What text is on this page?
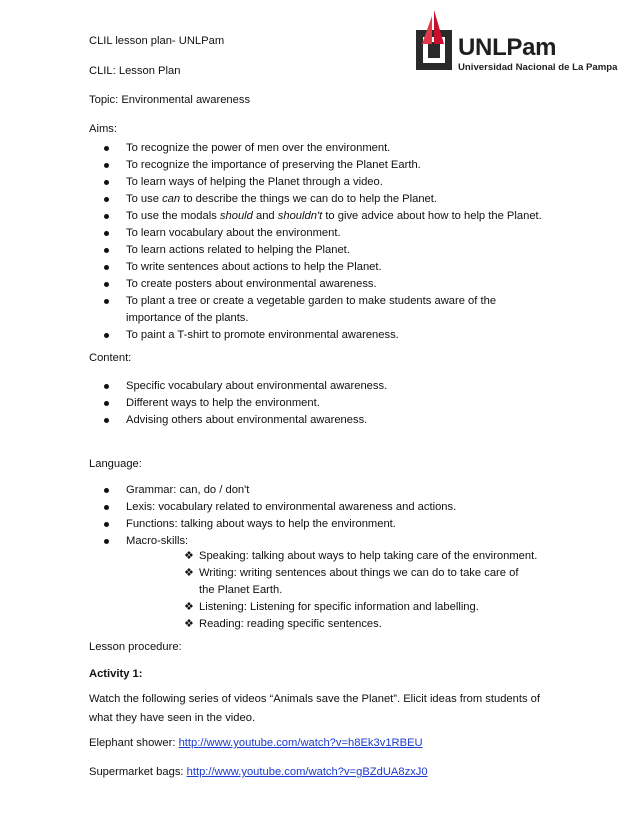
UNLPam
Universidad Nacional de La Pampa
CLIL lesson plan- UNLPam
CLIL: Lesson Plan
Topic: Environmental awareness
Aims:
To recognize the power of men over the environment.
To recognize the importance of preserving the Planet Earth.
To learn ways of helping the Planet through a video.
To use can to describe the things we can do to help the Planet.
To use the modals should and shouldn't to give advice about how to help the Planet.
To learn vocabulary about the environment.
To learn actions related to helping the Planet.
To write sentences about actions to help the Planet.
To create posters about environmental awareness.
To plant a tree or create a vegetable garden to make students aware of the importance of the plants.
To paint a T-shirt to promote environmental awareness.
Content:
Specific vocabulary about environmental awareness.
Different ways to help the environment.
Advising others about environmental awareness.
Language:
Grammar: can, do / don't
Lexis: vocabulary related to environmental awareness and actions.
Functions: talking about ways to help the environment.
Macro-skills:
❖ Speaking: talking about ways to help taking care of the environment.
❖ Writing: writing sentences about things we can do to take care of the Planet Earth.
❖ Listening: Listening for specific information and labelling.
❖ Reading: reading specific sentences.
Lesson procedure:
Activity 1:
Watch the following series of videos “Animals save the Planet”. Elicit ideas from students of what they have seen in the video.
Elephant shower: http://www.youtube.com/watch?v=h8Ek3v1RBEU
Supermarket bags: http://www.youtube.com/watch?v=gBZdUA8zxJ0
